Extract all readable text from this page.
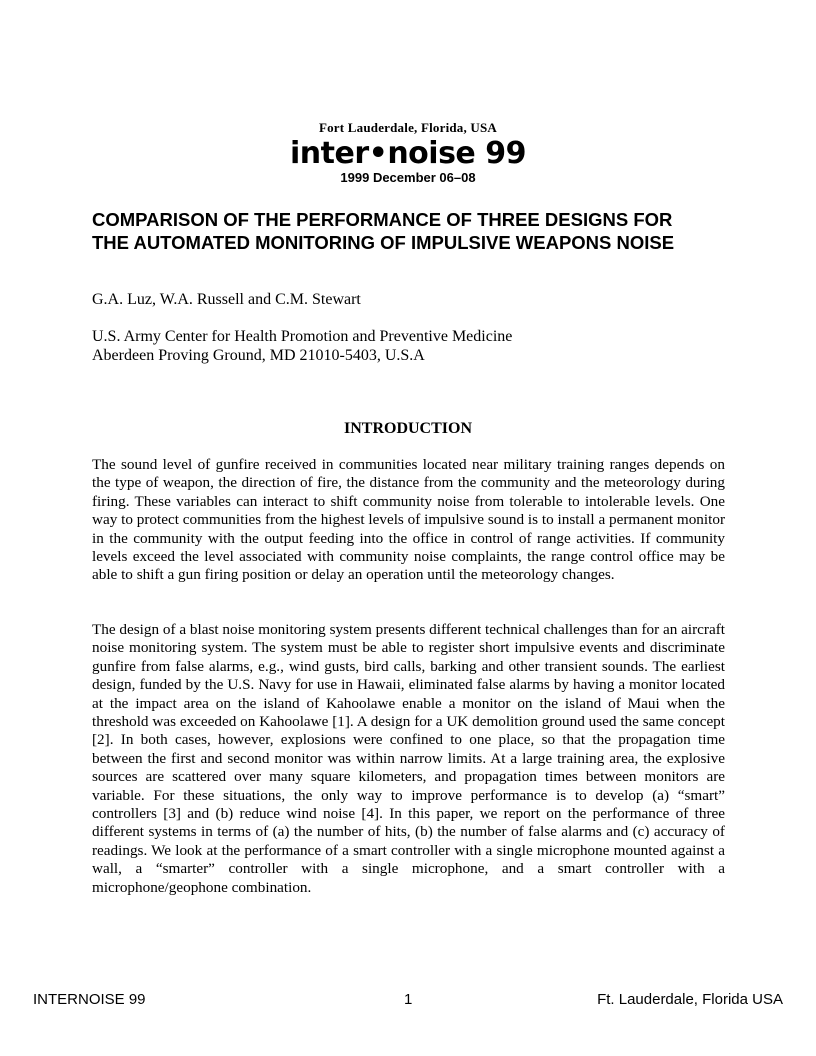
Fort Lauderdale, Florida, USA
inter•noise 99
1999 December 06–08
COMPARISON OF THE PERFORMANCE OF THREE DESIGNS FOR
THE AUTOMATED MONITORING OF IMPULSIVE WEAPONS NOISE
G.A. Luz, W.A. Russell and C.M. Stewart
U.S. Army Center for Health Promotion and Preventive Medicine
Aberdeen Proving Ground, MD 21010-5403, U.S.A
INTRODUCTION

The sound level of gunfire received in communities located near military training ranges depends on the type of weapon, the direction of fire, the distance from the community and the meteorology during firing. These variables can interact to shift community noise from tolerable to intolerable levels. One way to protect communities from the highest levels of impulsive sound is to install a permanent monitor in the community with the output feeding into the office in control of range activities. If community levels exceed the level associated with community noise complaints, the range control office may be able to shift a gun firing position or delay an operation until the meteorology changes.

The design of a blast noise monitoring system presents different technical challenges than for an aircraft noise monitoring system. The system must be able to register short impulsive events and discriminate gunfire from false alarms, e.g., wind gusts, bird calls, barking and other transient sounds. The earliest design, funded by the U.S. Navy for use in Hawaii, eliminated false alarms by having a monitor located at the impact area on the island of Kahoolawe enable a monitor on the island of Maui when the threshold was exceeded on Kahoolawe [1]. A design for a UK demolition ground used the same concept [2]. In both cases, however, explosions were confined to one place, so that the propagation time between the first and second monitor was within narrow limits. At a large training area, the explosive sources are scattered over many square kilometers, and propagation times between monitors are variable. For these situations, the only way to improve performance is to develop (a) “smart” controllers [3] and (b) reduce wind noise [4]. In this paper, we report on the performance of three different systems in terms of (a) the number of hits, (b) the number of false alarms and (c) accuracy of readings. We look at the performance of a smart controller with a single microphone mounted against a wall, a “smarter” controller with a single microphone, and a smart controller with a microphone/geophone combination.

INTERNOISE 99	1	Ft. Lauderdale, Florida USA
